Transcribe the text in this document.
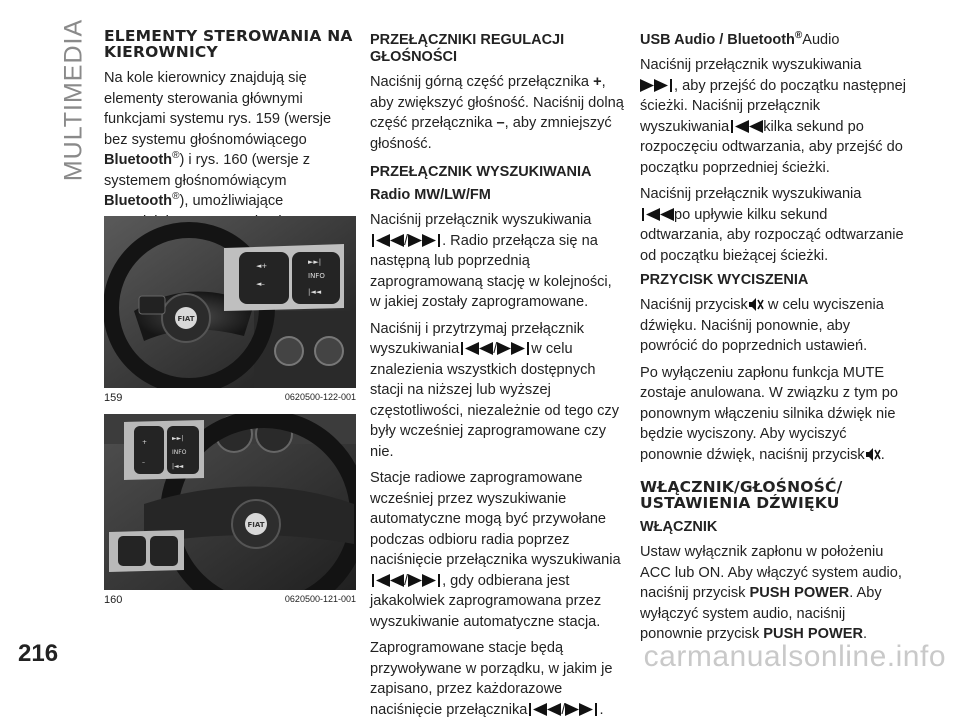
MULTIMEDIA
216	carmanualsonline.info
ELEMENTY STEROWANIA NA KIEROWNICY

Na kole kierownicy znajdują się elementy sterowania głównymi funkcjami systemu rys. 159 (wersje bez systemu głośnomówiącego Bluetooth®) i rys. 160 (wersje z systemem głośnomówiącym Bluetooth®), umożliwiające

FIAT
◄+
◄–
►►|
INFO
|◄◄
159	0620500-122-001
FIAT
+
–
►►|
INFO
|◄◄
160	0620500-121-001
PRZEŁĄCZNIKI REGULACJI GŁOŚNOŚCI

Naciśnij górną część przełącznika +, aby zwiększyć głośność. Naciśnij dolną część przełącznika –, aby zmniejszyć głośność.

PRZEŁĄCZNIK WYSZUKIWANIA
Radio MW/LW/FM

Naciśnij przełącznik wyszukiwania
/ . Radio przełącza się na następną lub poprzednią zaprogramowaną stację w kolejności, w jakiej zostały zaprogramowane.

Naciśnij i przytrzymaj przełącznik wyszukiwania / w celu znalezienia wszystkich dostępnych stacji na niższej lub wyższej częstotliwości, niezależnie od tego czy były wcześniej zaprogramowane czy nie.

Stacje radiowe zaprogramowane wcześniej przez wyszukiwanie automatyczne mogą być przywołane podczas odbioru radia poprzez naciśnięcie przełącznika wyszukiwania
/ , gdy odbierana jest jakakolwiek zaprogramowana przez wyszukiwanie automatyczne stacja.

Zaprogramowane stacje będą przywoływane w porządku, w jakim je zapisano, przez każdorazowe naciśnięcie przełącznika / .

USB Audio / Bluetooth®Audio

Naciśnij przełącznik wyszukiwania

, aby przejść do początku następnej ścieżki. Naciśnij przełącznik wyszukiwania kilka sekund po rozpoczęciu odtwarzania, aby przejść do początku poprzedniej ścieżki.

Naciśnij przełącznik wyszukiwania

po upływie kilku sekund odtwarzania, aby rozpocząć odtwarzanie od początku bieżącej ścieżki.

PRZYCISK WYCISZENIA

Naciśnij przycisk w celu wyciszenia dźwięku. Naciśnij ponownie, aby powrócić do poprzednich ustawień.

Po wyłączeniu zapłonu funkcja MUTE zostaje anulowana. W związku z tym po ponownym włączeniu silnika dźwięk nie będzie wyciszony. Aby wyciszyć ponownie dźwięk, naciśnij przycisk .

WŁĄCZNIK/GŁOŚNOŚĆ/ USTAWIENIA DŹWIĘKU
WŁĄCZNIK

Ustaw wyłącznik zapłonu w położeniu ACC lub ON. Aby włączyć system audio, naciśnij przycisk PUSH POWER. Aby wyłączyć system audio, naciśnij ponownie przycisk PUSH POWER.
